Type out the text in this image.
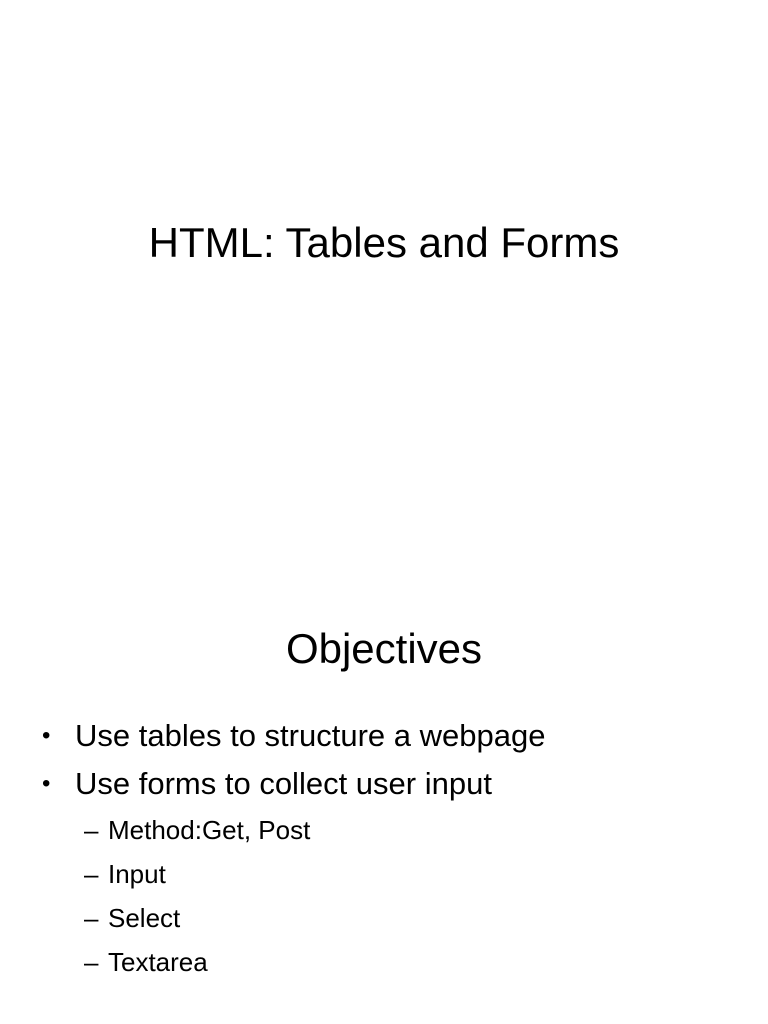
HTML: Tables and Forms
Objectives
• Use tables to structure a webpage
• Use forms to collect user input
– Method:Get, Post
– Input
– Select
– Textarea
